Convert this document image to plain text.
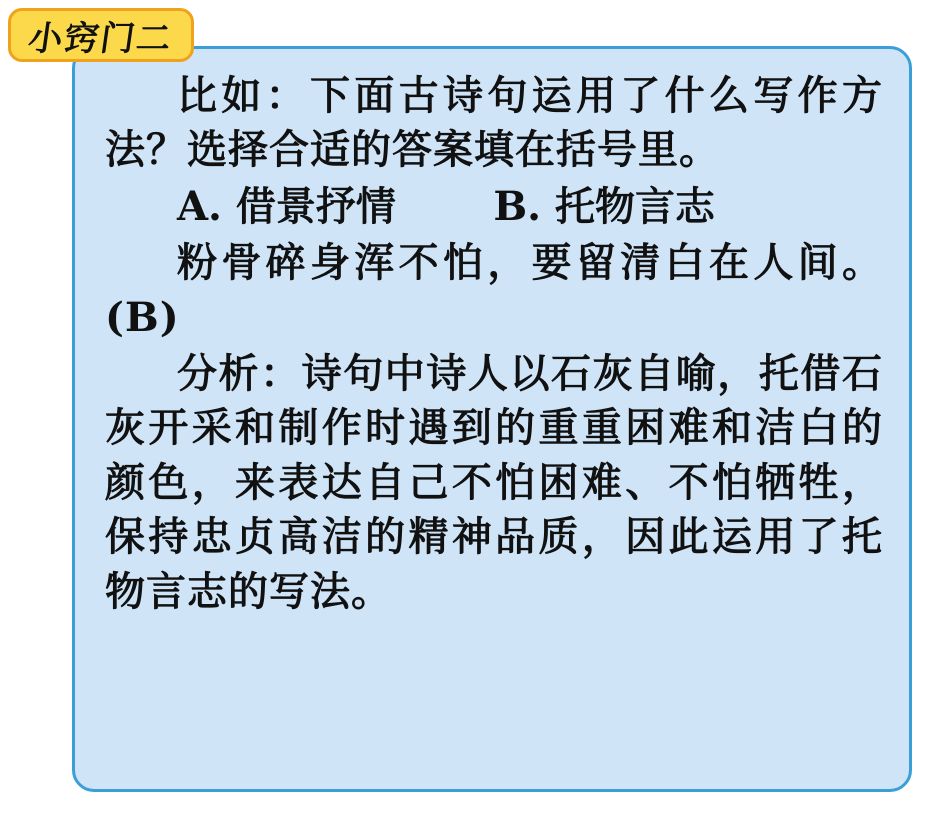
比如：下面古诗句运用了什么写作方法？选择合适的答案填在括号里。

A. 借景抒情       B. 托物言志

粉骨碎身浑不怕，要留清白在人间。(B)

分析：诗句中诗人以石灰自喻，托借石灰开采和制作时遇到的重重困难和洁白的颜色，来表达自己不怕困难、不怕牺牲，保持忠贞高洁的精神品质，因此运用了托物言志的写法。

小窍门二
